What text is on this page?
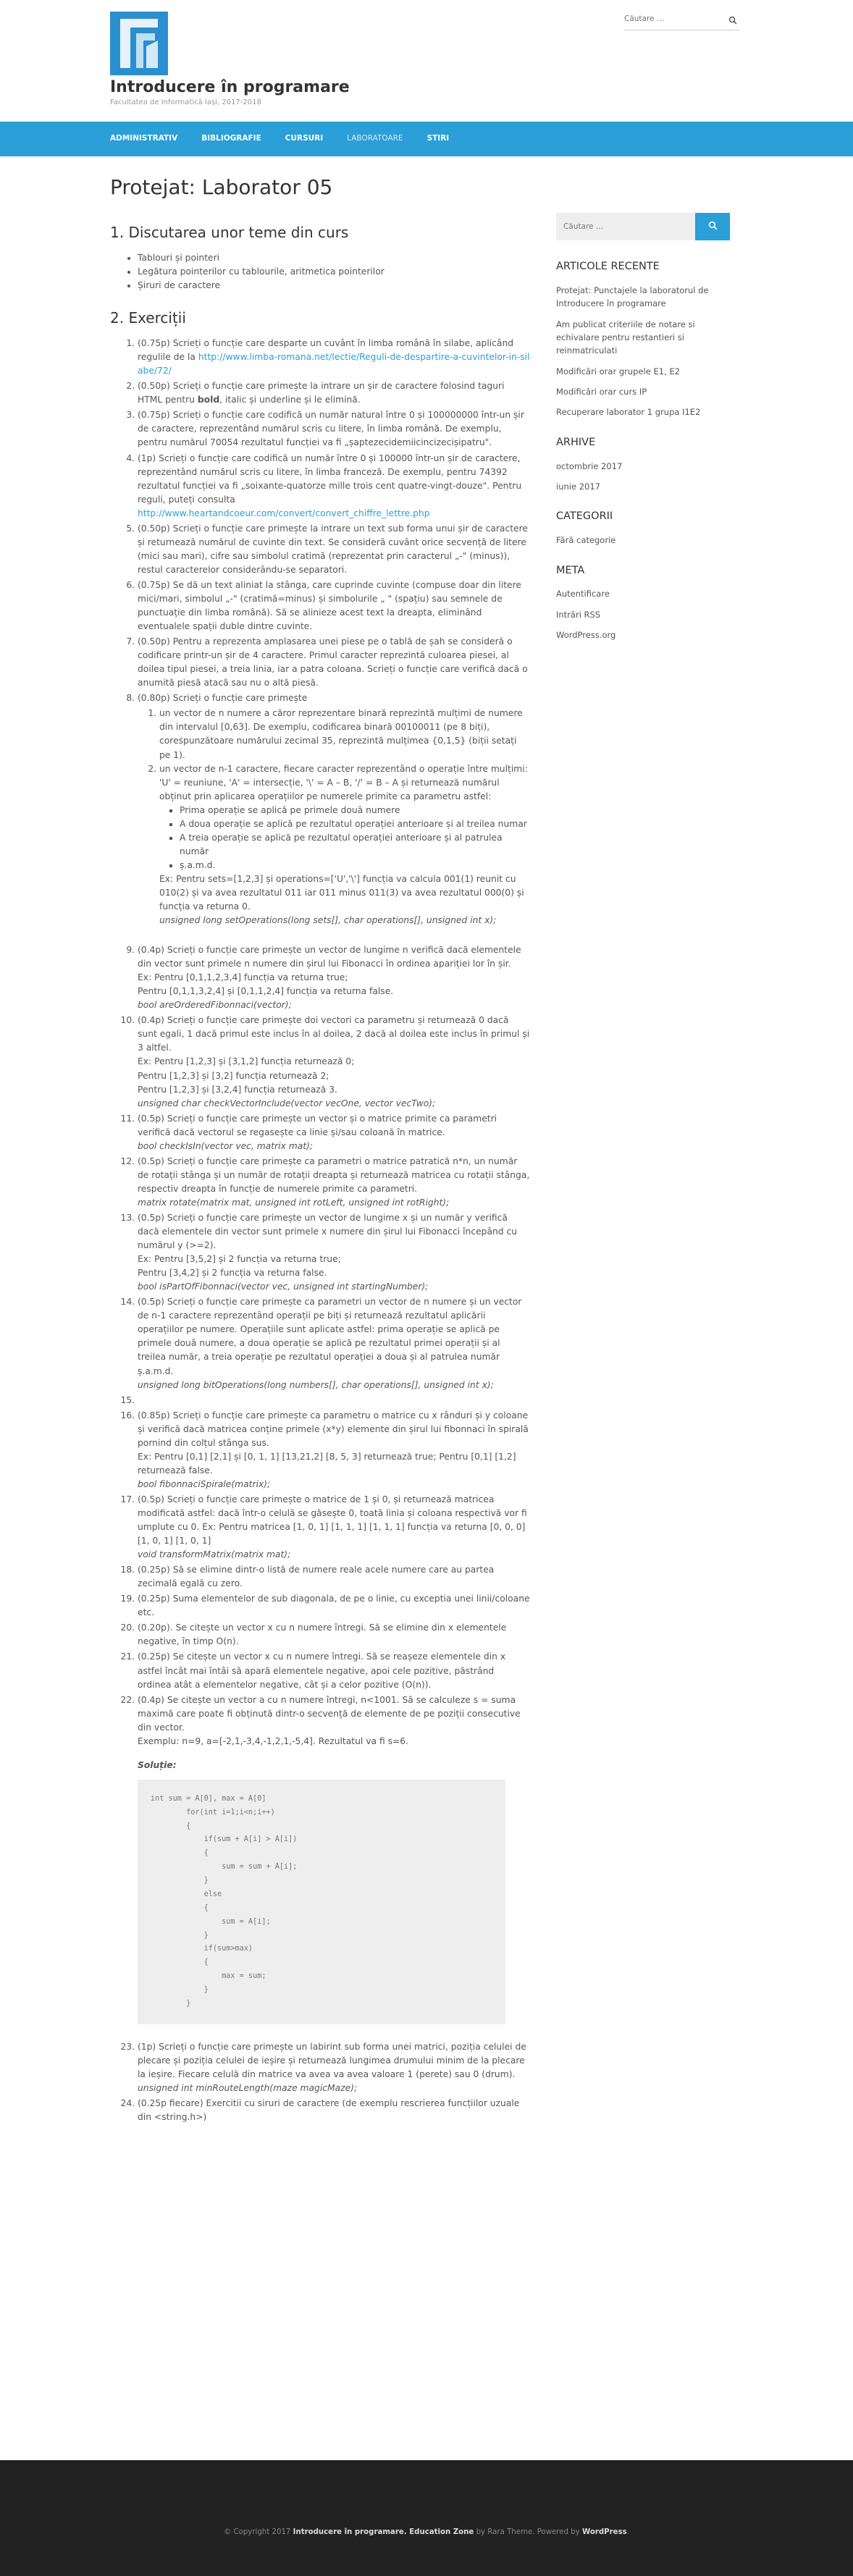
Introducere în programare
Facultatea de Informatică Iași, 2017-2018
Căutare …
ADMINISTRATIV	BIBLIOGRAFIE	CURSURI	LABORATOARE	STIRI
Protejat: Laborator 05
1. Discutarea unor teme din curs
• Tablouri și pointeri
• Legătura pointerilor cu tablourile, aritmetica pointerilor
• Șiruri de caractere
2. Exerciții
1. (0.75p) Scrieți o funcție care desparte un cuvânt în limba română în silabe, aplicând regulile de la http://www.limba-romana.net/lectie/Reguli-de-despartire-a-cuvintelor-in-silabe/72/
2. (0.50p) Scrieți o funcție care primește la intrare un șir de caractere folosind taguri HTML pentru bold, italic și underline și le elimină.
3. (0.75p) Scrieți o funcție care codifică un număr natural între 0 și 100000000 într-un șir de caractere, reprezentând numărul scris cu litere, în limba română. De exemplu, pentru numărul 70054 rezultatul funcției va fi „șaptezecidemiicincizecișipatru".
4. (1p) Scrieți o funcție care codifică un număr între 0 și 100000 într-un șir de caractere, reprezentând numărul scris cu litere, în limba franceză. De exemplu, pentru 74392 rezultatul funcției va fi „soixante-quatorze mille trois cent quatre-vingt-douze". Pentru reguli, puteți consulta http://www.heartandcoeur.com/convert/convert_chiffre_lettre.php
5. (0.50p) Scrieți o funcție care primește la intrare un text sub forma unui șir de caractere și returnează numărul de cuvinte din text. Se consideră cuvânt orice secvență de litere (mici sau mari), cifre sau simbolul cratimă (reprezentat prin caracterul „-" (minus)), restul caracterelor considerându-se separatori.
6. (0.75p) Se dă un text aliniat la stânga, care cuprinde cuvinte (compuse doar din litere mici/mari, simbolul „-" (cratimă=minus) și simbolurile „ " (spațiu) sau semnele de punctuație din limba română). Să se alinieze acest text la dreapta, eliminând eventualele spații duble dintre cuvinte.
7. (0.50p) Pentru a reprezenta amplasarea unei piese pe o tablă de șah se consideră o codificare printr-un șir de 4 caractere. Primul caracter reprezintă culoarea piesei, al doilea tipul piesei, a treia linia, iar a patra coloana. Scrieți o funcție care verifică dacă o anumită piesă atacă sau nu o altă piesă.
8. (0.80p) Scrieți o funcție care primește
1. un vector de n numere a căror reprezentare binară reprezintă mulțimi de numere din intervalul [0,63]. De exemplu, codificarea binară 00100011 (pe 8 biți), corespunzătoare numărului zecimal 35, reprezintă mulțimea {0,1,5} (biții setați pe 1).
2. un vector de n-1 caractere, fiecare caracter reprezentând o operație între mulțimi: 'U' = reuniune, 'A' = intersecție, '\' = A – B, '/' = B – A și returnează numărul obținut prin aplicarea operațiilor pe numerele primite ca parametru astfel:
▪ Prima operație se aplică pe primele două numere
▪ A doua operație se aplică pe rezultatul operației anterioare și al treilea numar
▪ A treia operație se aplică pe rezultatul operației anterioare și al patrulea număr
▪ ș.a.m.d.
Ex: Pentru sets=[1,2,3] și operations=['U','\'] funcția va calcula 001(1) reunit cu 010(2) și va avea rezultatul 011 iar 011 minus 011(3) va avea rezultatul 000(0) și funcția va returna 0.
unsigned long setOperations(long sets[], char operations[], unsigned int x);
9. (0.4p) Scrieți o funcție care primește un vector de lungime n verifică dacă elementele din vector sunt primele n numere din șirul lui Fibonacci în ordinea apariției lor în șir.
Ex: Pentru [0,1,1,2,3,4] funcția va returna true;
Pentru [0,1,1,3,2,4] și [0,1,1,2,4] funcția va returna false.
bool areOrderedFibonnaci(vector);
10. (0.4p) Scrieți o funcție care primește doi vectori ca parametru și returnează 0 dacă sunt egali, 1 dacă primul este inclus în al doilea, 2 dacă al doilea este inclus în primul și 3 altfel.
Ex: Pentru [1,2,3] și [3,1,2] funcția returnează 0;
Pentru [1,2,3] și [3,2] funcția returnează 2;
Pentru [1,2,3] și [3,2,4] funcția returnează 3.
unsigned char checkVectorInclude(vector vecOne, vector vecTwo);
11. (0.5p) Scrieți o funcție care primește un vector și o matrice primite ca parametri verifică dacă vectorul se regasește ca linie și/sau coloană în matrice.
bool checkIsIn(vector vec, matrix mat);
12. (0.5p) Scrieți o funcție care primește ca parametri o matrice patratică n*n, un număr de rotații stânga și un număr de rotații dreapta și returnează matricea cu rotații stânga, respectiv dreapta în funcție de numerele primite ca parametri.
matrix rotate(matrix mat, unsigned int rotLeft, unsigned int rotRight);
13. (0.5p) Scrieți o funcție care primește un vector de lungime x și un număr y verifică dacă elementele din vector sunt primele x numere din șirul lui Fibonacci începând cu numărul y (>=2).
Ex: Pentru [3,5,2] și 2 funcția va returna true;
Pentru [3,4,2] și 2 funcția va returna false.
bool isPartOfFibonnaci(vector vec, unsigned int startingNumber);
14. (0.5p) Scrieți o funcție care primește ca parametri un vector de n numere și un vector de n-1 caractere reprezentând operații pe biți și returnează rezultatul aplicării operațiilor pe numere. Operațiile sunt aplicate astfel: prima operație se aplică pe primele două numere, a doua operație se aplică pe rezultatul primei operații și al treilea număr, a treia operație pe rezultatul operației a doua și al patrulea număr ș.a.m.d.
unsigned long bitOperations(long numbers[], char operations[], unsigned int x);
15.
16. (0.85p) Scrieți o funcție care primește ca parametru o matrice cu x rânduri și y coloane și verifică dacă matricea conține primele (x*y) elemente din șirul lui fibonnaci în spirală pornind din colțul stânga sus.
Ex: Pentru [0,1] [2,1] și [0, 1, 1] [13,21,2] [8, 5, 3] returnează true; Pentru [0,1] [1,2] returnează false.
bool fibonnaciSpirale(matrix);
17. (0.5p) Scrieți o funcție care primește o matrice de 1 și 0, și returnează matricea modificată astfel: dacă într-o celulă se găsește 0, toată linia și coloana respectivă vor fi umplute cu 0. Ex: Pentru matricea [1, 0, 1] [1, 1, 1] [1, 1, 1] funcția va returna [0, 0, 0] [1, 0, 1] [1, 0, 1]
void transformMatrix(matrix mat);
18. (0.25p) Să se elimine dintr-o listă de numere reale acele numere care au partea zecimală egală cu zero.
19. (0.25p) Suma elementelor de sub diagonala, de pe o linie, cu exceptia unei linii/coloane etc.
20. (0.20p). Se citește un vector x cu n numere întregi. Să se elimine din x elementele negative, în timp O(n).
21. (0.25p) Se citește un vector x cu n numere întregi. Să se reașeze elementele din x astfel încât mai întâi să apară elementele negative, apoi cele pozitive, păstrând ordinea atât a elementelor negative, cât și a celor pozitive (O(n)).
22. (0.4p) Se citește un vector a cu n numere întregi, n<1001. Să se calculeze s = suma maximă care poate fi obținută dintr-o secvență de elemente de pe poziții consecutive din vector.
Exemplu: n=9, a=[-2,1,-3,4,-1,2,1,-5,4]. Rezultatul va fi s=6.
Soluție:
int sum = A[0], max = A[0]
for(int i=1;i<n;i++)
{
if(sum + A[i] > A[i])
{
sum = sum + A[i];
}
else
{
sum = A[i];
}
if(sum>max)
{
max = sum;
}
}
23. (1p) Scrieți o funcție care primește un labirint sub forma unei matrici, poziția celulei de plecare și poziția celulei de ieșire și returnează lungimea drumului minim de la plecare la ieșire. Fiecare celulă din matrice va avea va avea valoare 1 (perete) sau 0 (drum).
unsigned int minRouteLength(maze magicMaze);
24. (0.25p fiecare) Exercitii cu siruri de caractere (de exemplu rescrierea funcțiilor uzuale din <string.h>)
Căutare …
ARTICOLE RECENTE
Protejat: Punctajele la laboratorul de Introducere în programare
Am publicat criteriile de notare si echivalare pentru restantieri si reinmatriculati
Modificări orar grupele E1, E2
Modificări orar curs IP
Recuperare laborator 1 grupa I1E2
ARHIVE
octombrie 2017
iunie 2017
CATEGORII
Fără categorie
META
Autentificare
Intrări RSS
WordPress.org

© Copyright 2017 Introducere în programare. Education Zone by Rara Theme. Powered by WordPress.
